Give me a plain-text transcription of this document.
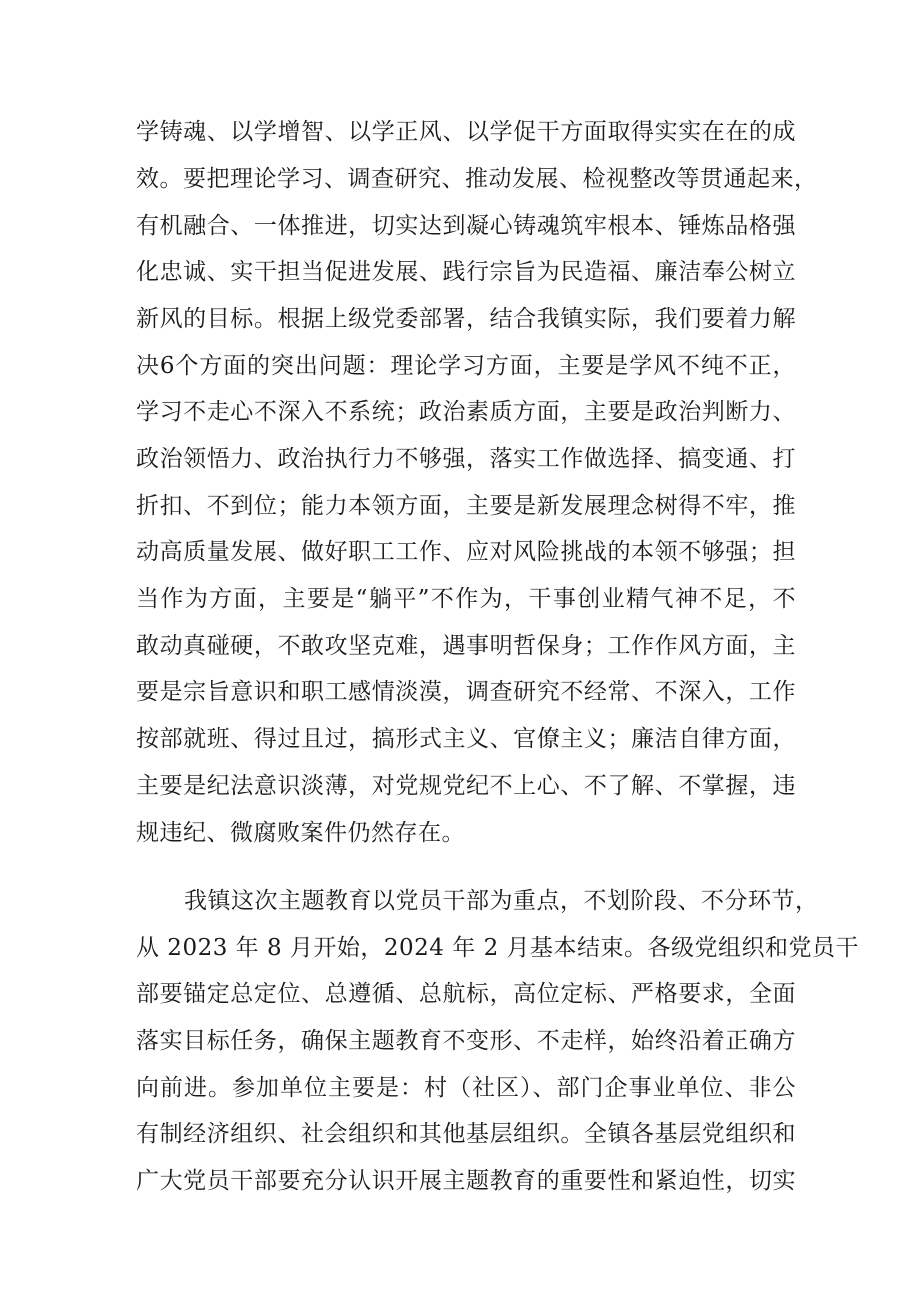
学铸魂、以学增智、以学正风、以学促干方面取得实实在在的成
效。要把理论学习、调查研究、推动发展、检视整改等贯通起来，
有机融合、一体推进，切实达到凝心铸魂筑牢根本、锤炼品格强
化忠诚、实干担当促进发展、践行宗旨为民造福、廉洁奉公树立
新风的目标。根据上级党委部署，结合我镇实际，我们要着力解
决6个方面的突出问题：理论学习方面，主要是学风不纯不正，
学习不走心不深入不系统；政治素质方面，主要是政治判断力、
政治领悟力、政治执行力不够强，落实工作做选择、搞变通、打
折扣、不到位；能力本领方面，主要是新发展理念树得不牢，推
动高质量发展、做好职工工作、应对风险挑战的本领不够强；担
当作为方面，主要是“躺平”不作为，干事创业精气神不足，不
敢动真碰硬，不敢攻坚克难，遇事明哲保身；工作作风方面，主
要是宗旨意识和职工感情淡漠，调查研究不经常、不深入，工作
按部就班、得过且过，搞形式主义、官僚主义；廉洁自律方面，
主要是纪法意识淡薄，对党规党纪不上心、不了解、不掌握，违
规违纪、微腐败案件仍然存在。
我镇这次主题教育以党员干部为重点，不划阶段、不分环节，
从 2023 年 8 月开始，2024 年 2 月基本结束。各级党组织和党员干
部要锚定总定位、总遵循、总航标，高位定标、严格要求，全面
落实目标任务，确保主题教育不变形、不走样，始终沿着正确方
向前进。参加单位主要是：村（社区）、部门企事业单位、非公
有制经济组织、社会组织和其他基层组织。全镇各基层党组织和
广大党员干部要充分认识开展主题教育的重要性和紧迫性，切实
